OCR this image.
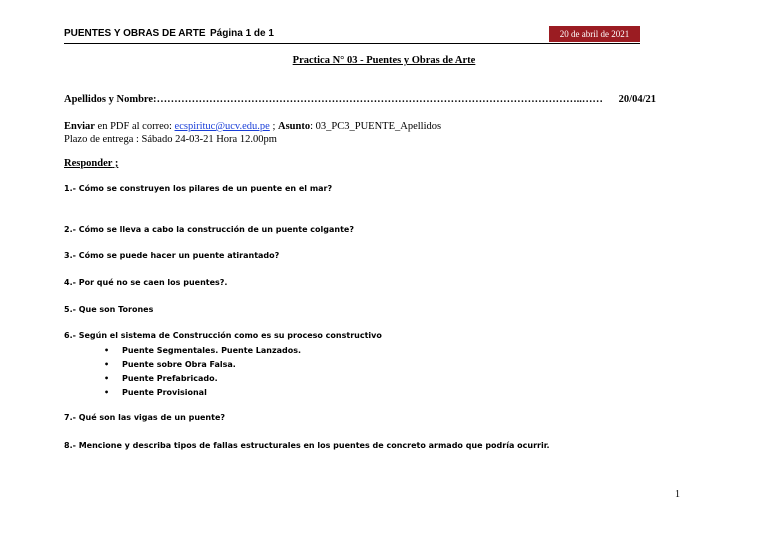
PUENTES Y OBRAS DE ARTE Página 1 de 1	20 de abril de 2021
Practica N° 03 - Puentes y Obras de Arte
Apellidos y Nombre:…………………………………………………………………………………………………………..…… 20/04/21
Enviar en PDF al correo: ecspirituc@ucv.edu.pe ; Asunto: 03_PC3_PUENTE_Apellidos
Plazo de entrega : Sábado 24-03-21 Hora 12.00pm
Responder ;
1.- Cómo se construyen los pilares de un puente en el mar?
2.- Cómo se lleva a cabo la construcción de un puente colgante?
3.- Cómo se puede hacer un puente atirantado?
4.- Por qué no se caen los puentes?.
5.- Que son Torones
6.- Según el sistema de Construcción como es su proceso constructivo
• Puente Segmentales. Puente Lanzados.
• Puente sobre Obra Falsa.
• Puente Prefabricado.
• Puente Provisional
7.- Qué son las vigas de un puente?
8.- Mencione y describa tipos de fallas estructurales en los puentes de concreto armado que podría ocurrir.
1
